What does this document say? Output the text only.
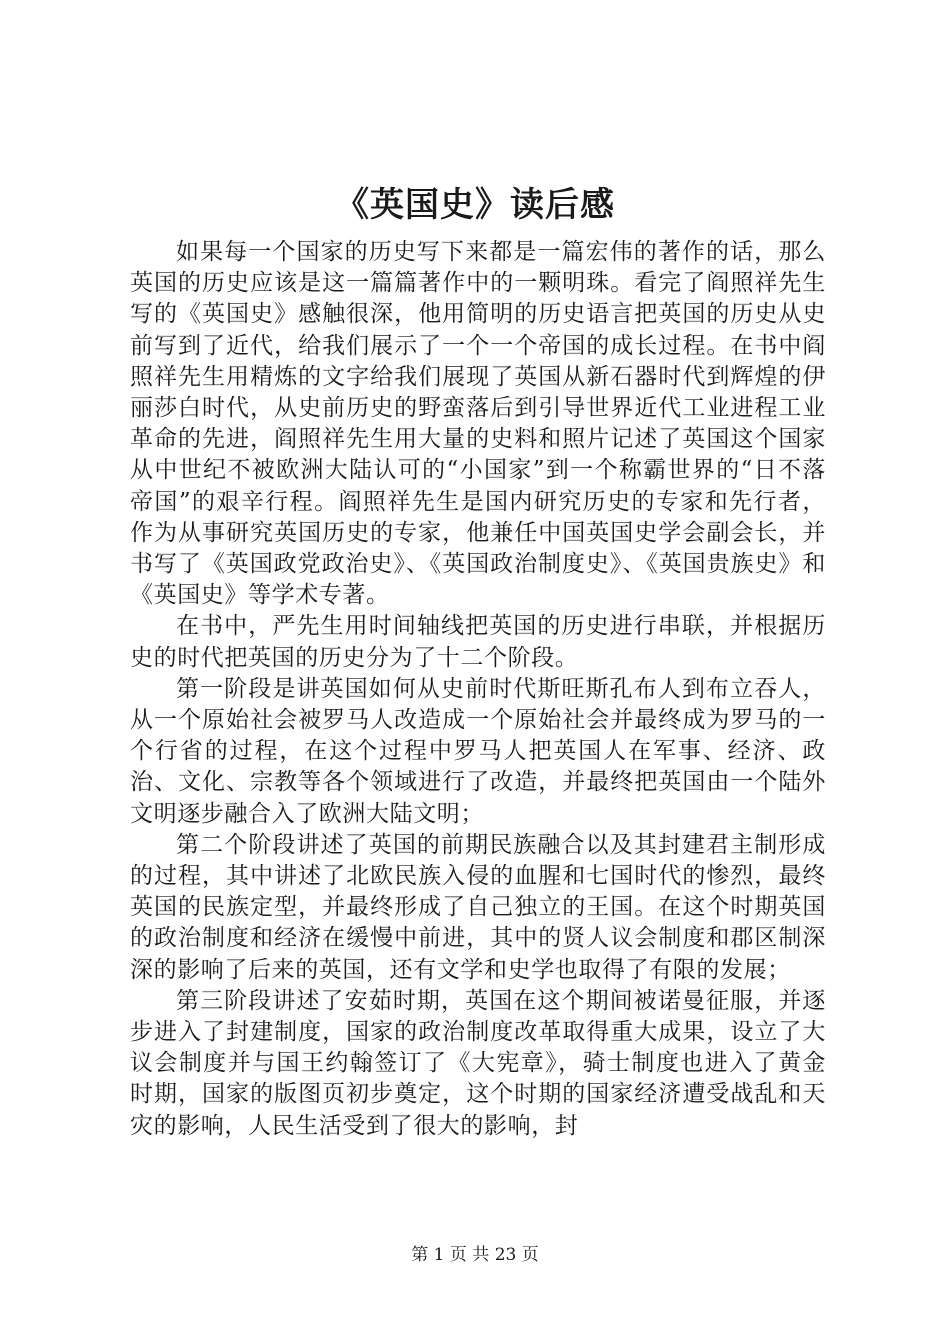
《英国史》读后感

如果每一个国家的历史写下来都是一篇宏伟的著作的话，那么英国的历史应该是这一篇篇著作中的一颗明珠。看完了阎照祥先生写的《英国史》感触很深，他用简明的历史语言把英国的历史从史前写到了近代，给我们展示了一个一个帝国的成长过程。在书中阎照祥先生用精炼的文字给我们展现了英国从新石器时代到辉煌的伊丽莎白时代，从史前历史的野蛮落后到引导世界近代工业进程工业革命的先进，阎照祥先生用大量的史料和照片记述了英国这个国家从中世纪不被欧洲大陆认可的“小国家”到一个称霸世界的“日不落帝国”的艰辛行程。阎照祥先生是国内研究历史的专家和先行者，作为从事研究英国历史的专家，他兼任中国英国史学会副会长，并书写了《英国政党政治史》、《英国政治制度史》、《英国贵族史》和《英国史》等学术专著。

在书中，严先生用时间轴线把英国的历史进行串联，并根据历史的时代把英国的历史分为了十二个阶段。

第一阶段是讲英国如何从史前时代斯旺斯孔布人到布立吞人，从一个原始社会被罗马人改造成一个原始社会并最终成为罗马的一个行省的过程，在这个过程中罗马人把英国人在军事、经济、政治、文化、宗教等各个领域进行了改造，并最终把英国由一个陆外文明逐步融合入了欧洲大陆文明；

第二个阶段讲述了英国的前期民族融合以及其封建君主制形成的过程，其中讲述了北欧民族入侵的血腥和七国时代的惨烈，最终英国的民族定型，并最终形成了自己独立的王国。在这个时期英国的政治制度和经济在缓慢中前进，其中的贤人议会制度和郡区制深深的影响了后来的英国，还有文学和史学也取得了有限的发展；

第三阶段讲述了安茹时期，英国在这个期间被诺曼征服，并逐步进入了封建制度，国家的政治制度改革取得重大成果，设立了大议会制度并与国王约翰签订了《大宪章》，骑士制度也进入了黄金时期，国家的版图页初步奠定，这个时期的国家经济遭受战乱和天灾的影响，人民生活受到了很大的影响，封

第 1 页 共 23 页
